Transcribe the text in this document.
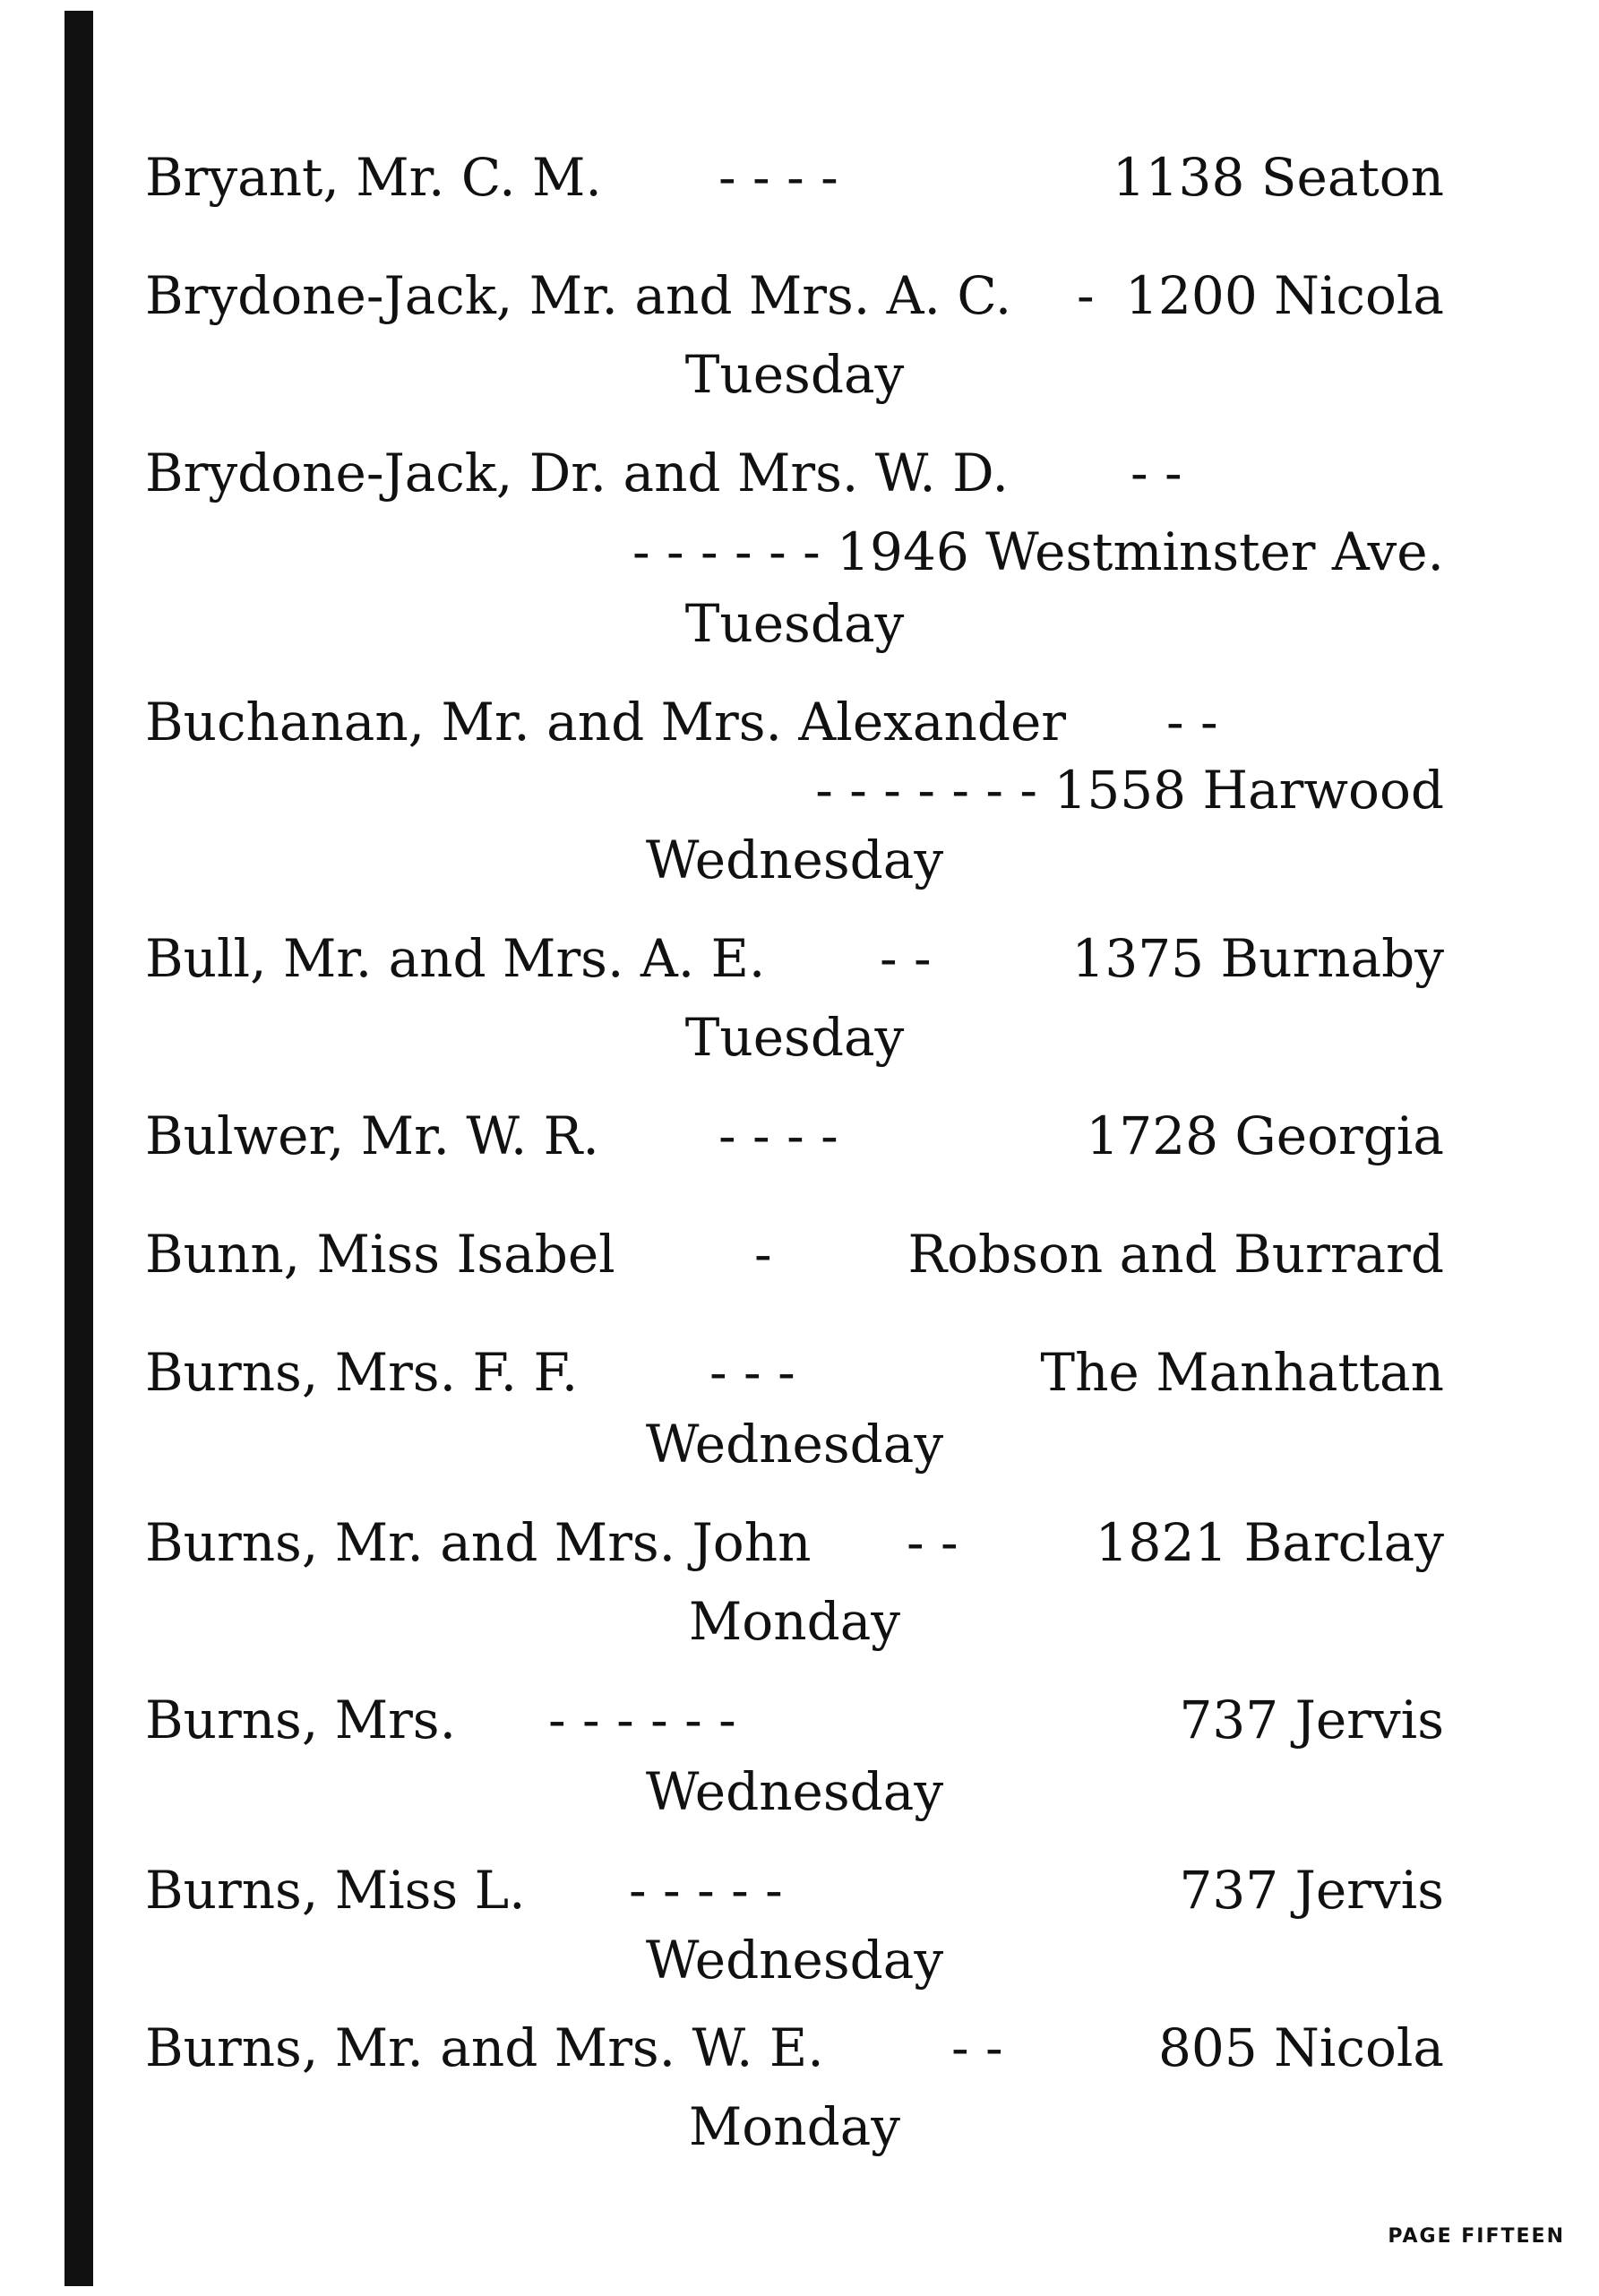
Bryant, Mr. C. M. - - - -	1138 Seaton
Brydone-Jack, Mr. and Mrs. A. C. - 1200 Nicola
Tuesday
Brydone-Jack, Dr. and Mrs. W. D. - -
- - - - - - 1946 Westminster Ave.
Tuesday
Buchanan, Mr. and Mrs. Alexander - -
- - - - - - - 1558 Harwood
Wednesday
Bull, Mr. and Mrs. A. E. - -	1375 Burnaby
Tuesday
Bulwer, Mr. W. R. - - - -	1728 Georgia
Bunn, Miss Isabel	-	Robson and Burrard
Burns, Mrs. F. F.	- - -	The Manhattan
Wednesday
Burns, Mr. and Mrs. John - -	1821 Barclay
Monday
Burns, Mrs. - - - - - -	737 Jervis
Wednesday
Burns, Miss L. - - - - -	737 Jervis
Wednesday
Burns, Mr. and Mrs. W. E. - -	805 Nicola
Monday
PAGE FIFTEEN
